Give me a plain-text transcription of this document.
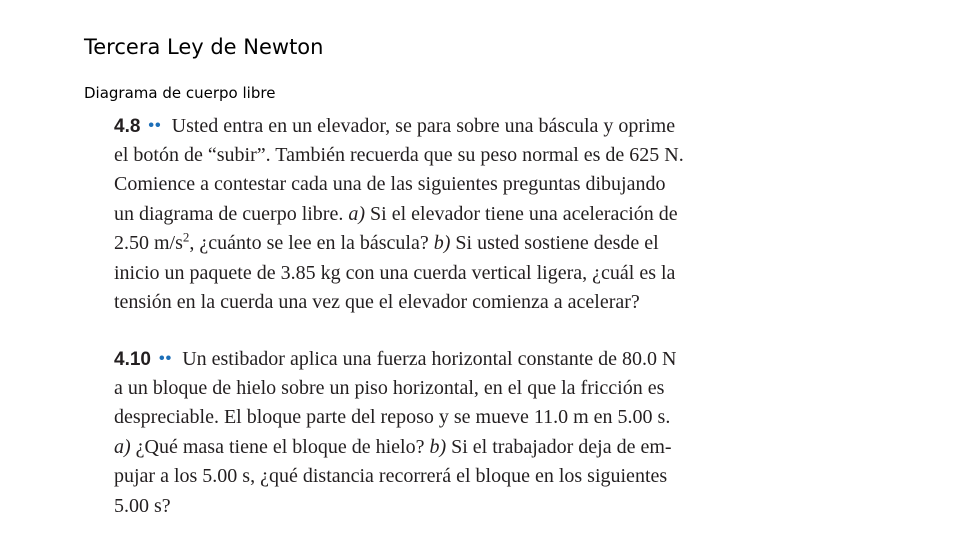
Tercera Ley de Newton
Diagrama de cuerpo libre
4.8 •• Usted entra en un elevador, se para sobre una báscula y oprime
el botón de “subir”. También recuerda que su peso normal es de 625 N.
Comience a contestar cada una de las siguientes preguntas dibujando
un diagrama de cuerpo libre. a) Si el elevador tiene una aceleración de
2.50 $m/s^2$, ¿cuánto se lee en la báscula? b) Si usted sostiene desde el
inicio un paquete de 3.85 kg con una cuerda vertical ligera, ¿cuál es la
tensión en la cuerda una vez que el elevador comienza a acelerar?
4.10 •• Un estibador aplica una fuerza horizontal constante de 80.0 N
a un bloque de hielo sobre un piso horizontal, en el que la fricción es
despreciable. El bloque parte del reposo y se mueve 11.0 m en 5.00 s.
a) ¿Qué masa tiene el bloque de hielo? b) Si el trabajador deja de em-
pujar a los 5.00 s, ¿qué distancia recorrerá el bloque en los siguientes
5.00 s?
